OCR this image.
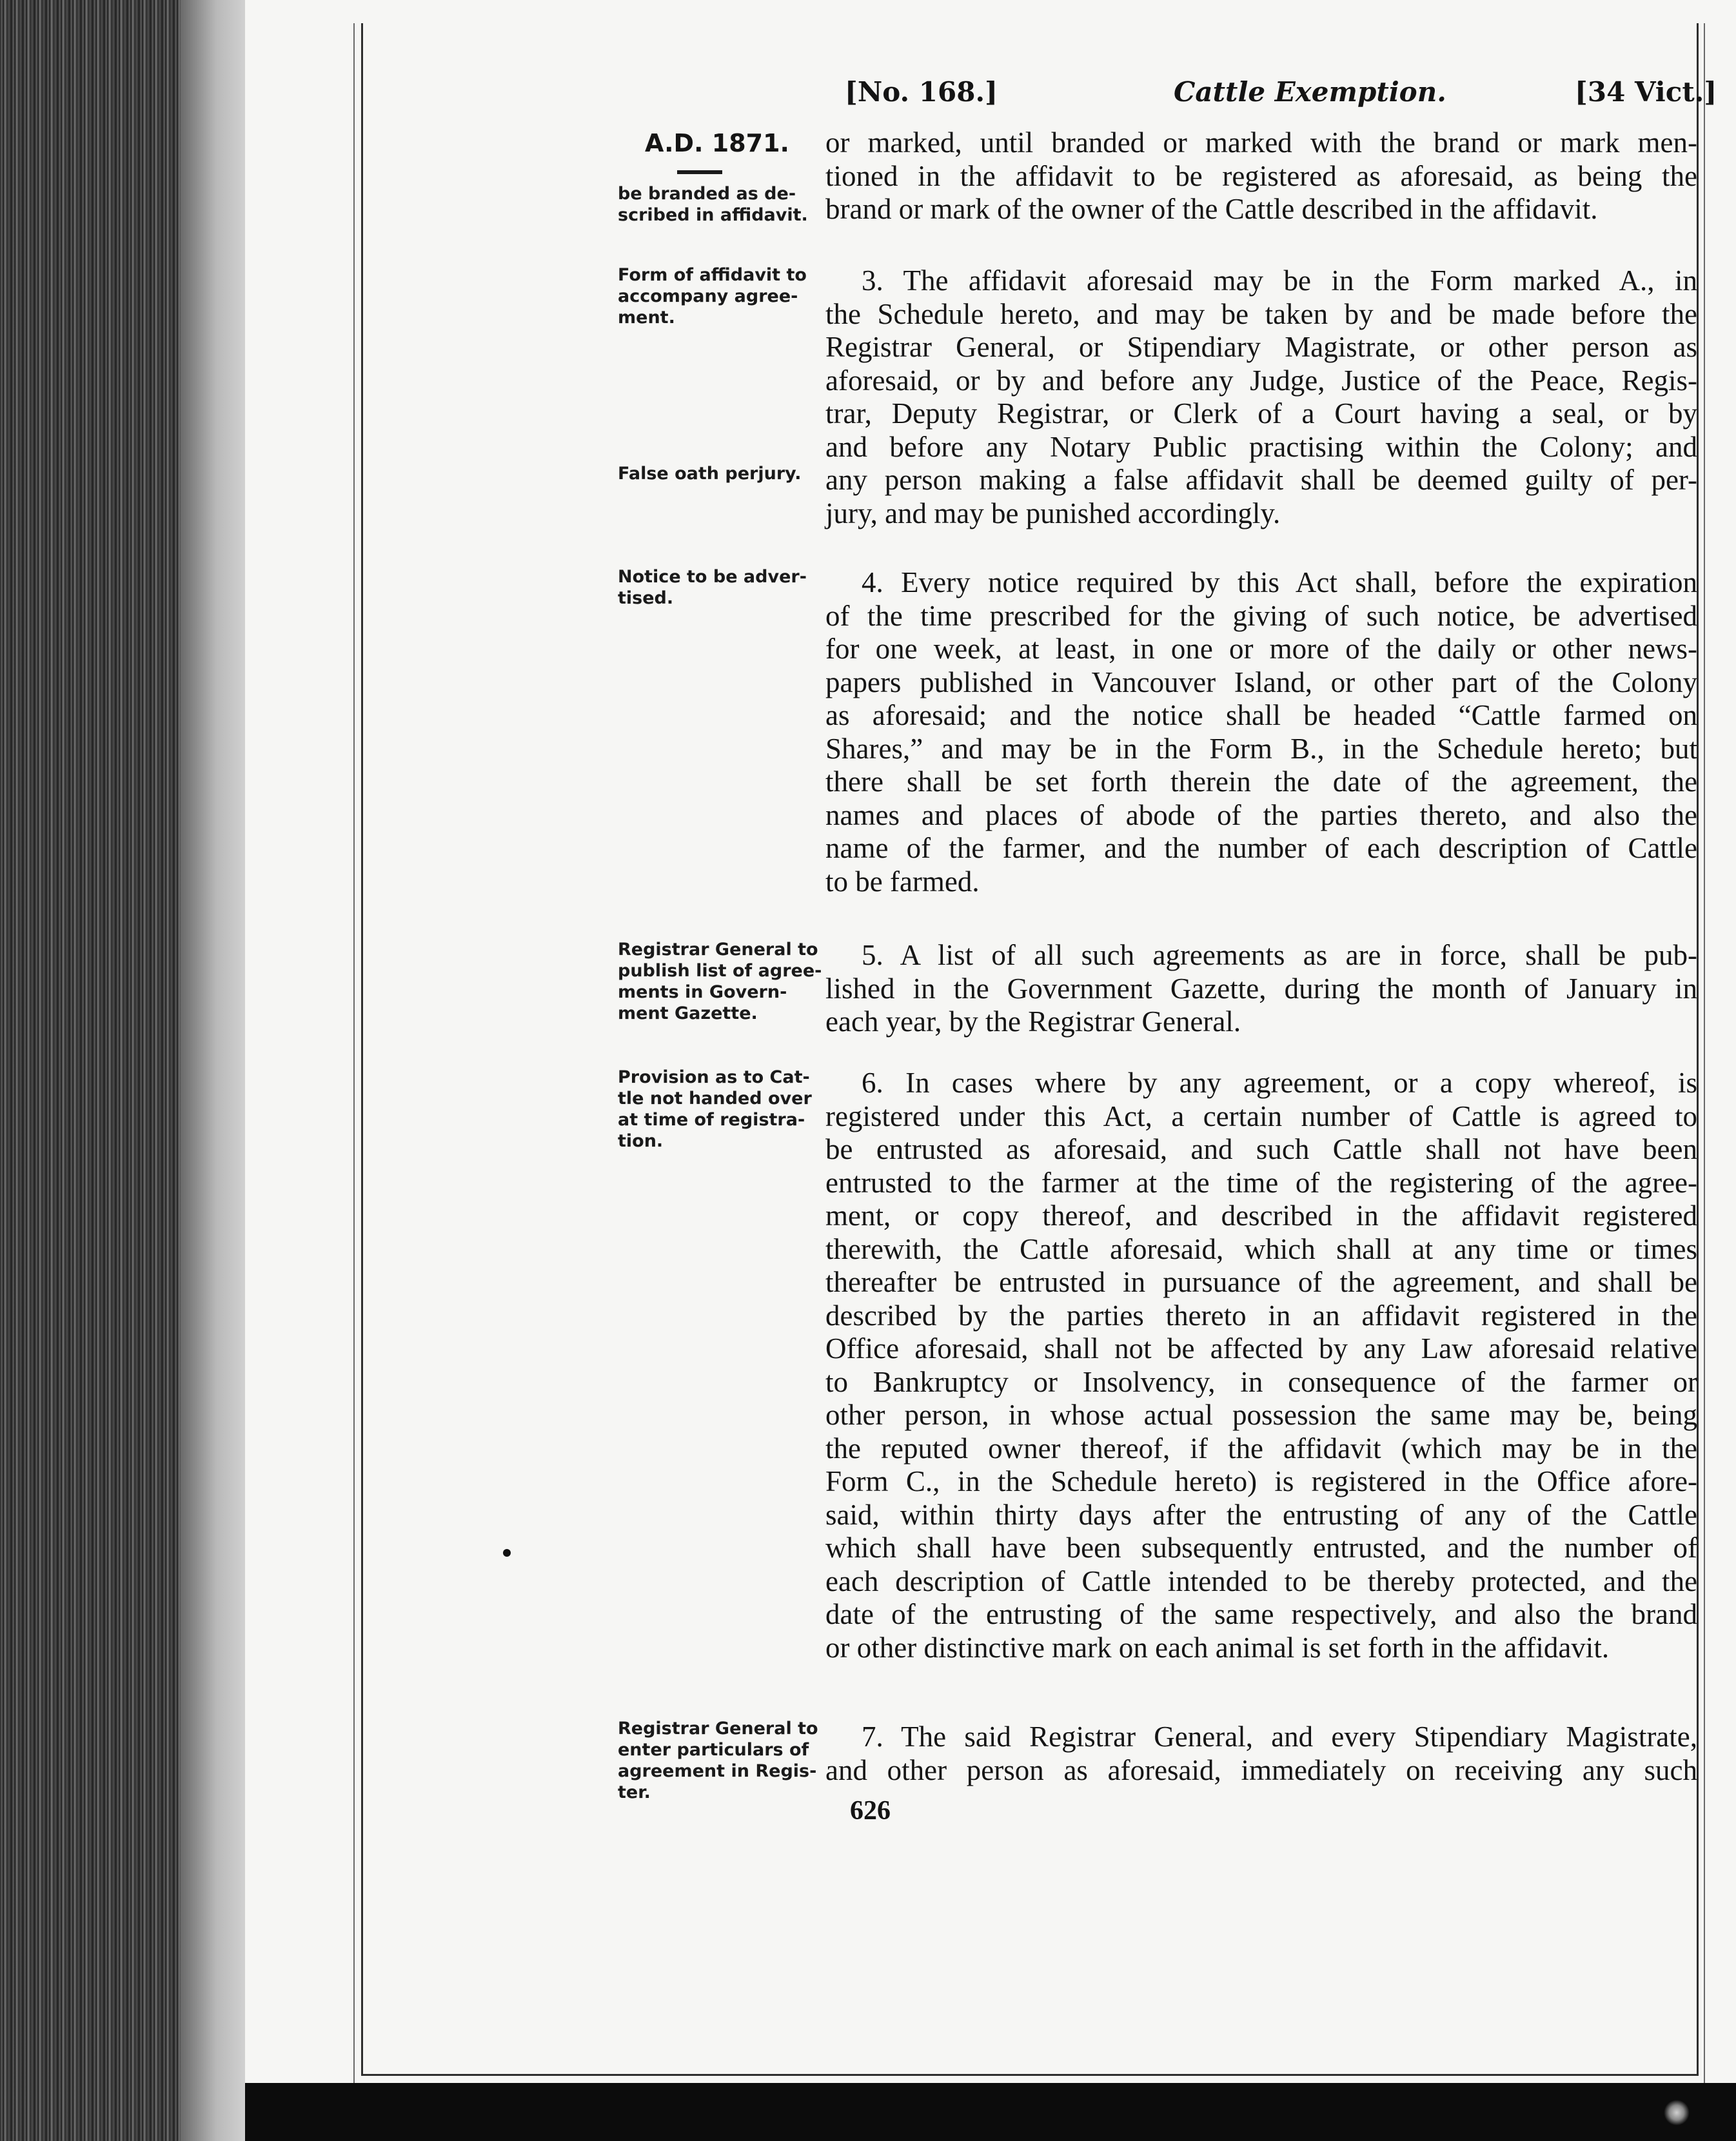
[No. 168.]	Cattle Exemption.	[34 Vict.]
A.D. 1871.
be branded as de-
scribed in affidavit.
Form of affidavit to
accompany agree-
ment.
False oath perjury.
Notice to be adver-
tised.
Registrar General to
publish list of agree-
ments in Govern-
ment Gazette.
Provision as to Cat-
tle not handed over
at time of registra-
tion.
Registrar General to
enter particulars of
agreement in Regis-
ter.
or marked, until branded or marked with the brand or mark men-
tioned in the affidavit to be registered as aforesaid, as being the
brand or mark of the owner of the Cattle described in the affidavit.
3. The affidavit aforesaid may be in the Form marked A., in
the Schedule hereto, and may be taken by and be made before the
Registrar General, or Stipendiary Magistrate, or other person as
aforesaid, or by and before any Judge, Justice of the Peace, Regis-
trar, Deputy Registrar, or Clerk of a Court having a seal, or by
and before any Notary Public practising within the Colony; and
any person making a false affidavit shall be deemed guilty of per-
jury, and may be punished accordingly.
4. Every notice required by this Act shall, before the expiration
of the time prescribed for the giving of such notice, be advertised
for one week, at least, in one or more of the daily or other news-
papers published in Vancouver Island, or other part of the Colony
as aforesaid; and the notice shall be headed “Cattle farmed on
Shares,” and may be in the Form B., in the Schedule hereto; but
there shall be set forth therein the date of the agreement, the
names and places of abode of the parties thereto, and also the
name of the farmer, and the number of each description of Cattle
to be farmed.
5. A list of all such agreements as are in force, shall be pub-
lished in the Government Gazette, during the month of January in
each year, by the Registrar General.
6. In cases where by any agreement, or a copy whereof, is
registered under this Act, a certain number of Cattle is agreed to
be entrusted as aforesaid, and such Cattle shall not have been
entrusted to the farmer at the time of the registering of the agree-
ment, or copy thereof, and described in the affidavit registered
therewith, the Cattle aforesaid, which shall at any time or times
thereafter be entrusted in pursuance of the agreement, and shall be
described by the parties thereto in an affidavit registered in the
Office aforesaid, shall not be affected by any Law aforesaid relative
to Bankruptcy or Insolvency, in consequence of the farmer or
other person, in whose actual possession the same may be, being
the reputed owner thereof, if the affidavit (which may be in the
Form C., in the Schedule hereto) is registered in the Office afore-
said, within thirty days after the entrusting of any of the Cattle
which shall have been subsequently entrusted, and the number of
each description of Cattle intended to be thereby protected, and the
date of the entrusting of the same respectively, and also the brand
or other distinctive mark on each animal is set forth in the affidavit.
7. The said Registrar General, and every Stipendiary Magistrate,
and other person as aforesaid, immediately on receiving any such
626
